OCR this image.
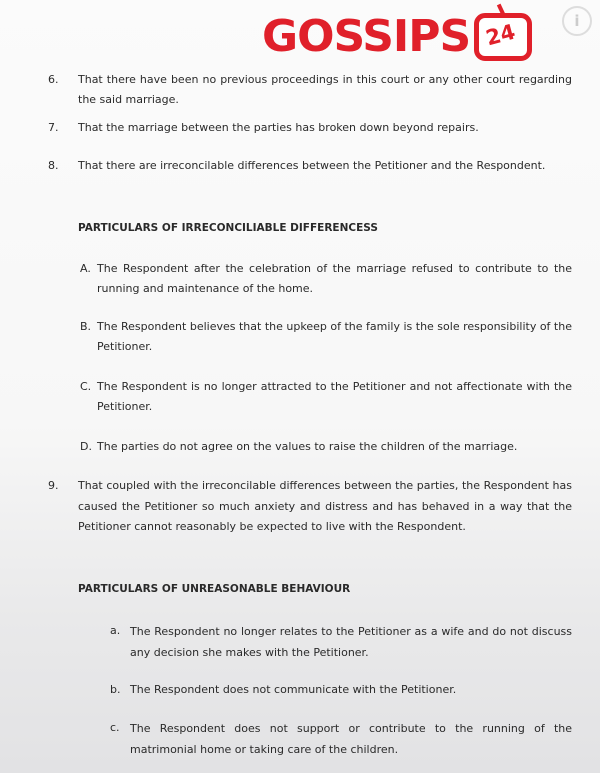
6. That there have been no previous proceedings in this court or any other court regarding the said marriage.
7. That the marriage between the parties has broken down beyond repairs.
8. That there are irreconcilable differences between the Petitioner and the Respondent.
PARTICULARS OF IRRECONCILIABLE DIFFERENCESS
A. The Respondent after the celebration of the marriage refused to contribute to the running and maintenance of the home.
B. The Respondent believes that the upkeep of the family is the sole responsibility of the Petitioner.
C. The Respondent is no longer attracted to the Petitioner and not affectionate with the Petitioner.
D. The parties do not agree on the values to raise the children of the marriage.
9. That coupled with the irreconcilable differences between the parties, the Respondent has caused the Petitioner so much anxiety and distress and has behaved in a way that the Petitioner cannot reasonably be expected to live with the Respondent.
PARTICULARS OF UNREASONABLE BEHAVIOUR
a. The Respondent no longer relates to the Petitioner as a wife and do not discuss any decision she makes with the Petitioner.
b. The Respondent does not communicate with the Petitioner.
c. The Respondent does not support or contribute to the running of the matrimonial home or taking care of the children.
GOSSIPS 24	i
